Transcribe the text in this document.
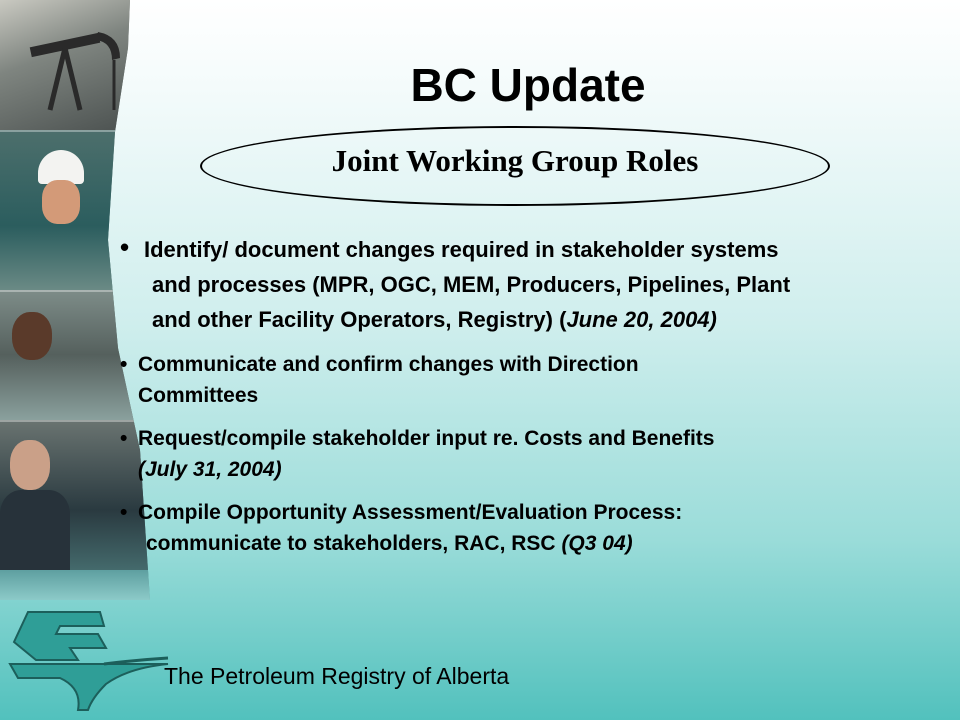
BC Update
Joint Working Group Roles
• Identify/ document changes required in stakeholder systems
and processes (MPR, OGC, MEM, Producers, Pipelines, Plant
and other Facility Operators, Registry) (June 20, 2004)
• Communicate and confirm changes with Direction
Committees
• Request/compile stakeholder input re. Costs and Benefits
(July 31, 2004)
• Compile Opportunity Assessment/Evaluation Process:
communicate to stakeholders, RAC, RSC (Q3 04)
The Petroleum Registry of Alberta
